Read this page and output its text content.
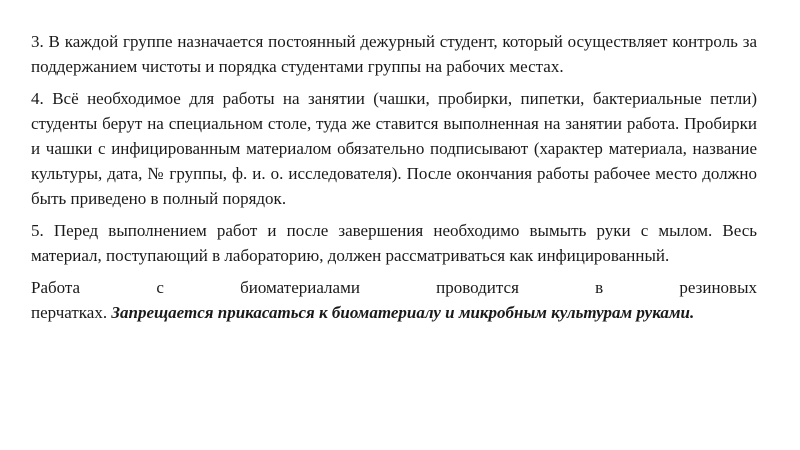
3. В каждой группе назначается постоянный дежурный студент, который осуществляет контроль за поддержанием чистоты и порядка студентами группы на рабочих местах.

4. Всё необходимое для работы на занятии (чашки, пробирки, пипетки, бактериальные петли) студенты берут на специальном столе, туда же ставится выполненная на занятии работа. Пробирки и чашки с инфицированным материалом обязательно подписывают (характер материала, название культуры, дата, № группы, ф. и. о. исследователя). После окончания работы рабочее место должно быть приведено в полный порядок.

5. Перед выполнением работ и после завершения необходимо вымыть руки с мылом. Весь материал, поступающий в лабораторию, должен рассматриваться как инфицированный.

Работа с биоматериалами проводится в резиновых
перчатках. Запрещается прикасаться к биоматериалу и микробным культурам руками.
